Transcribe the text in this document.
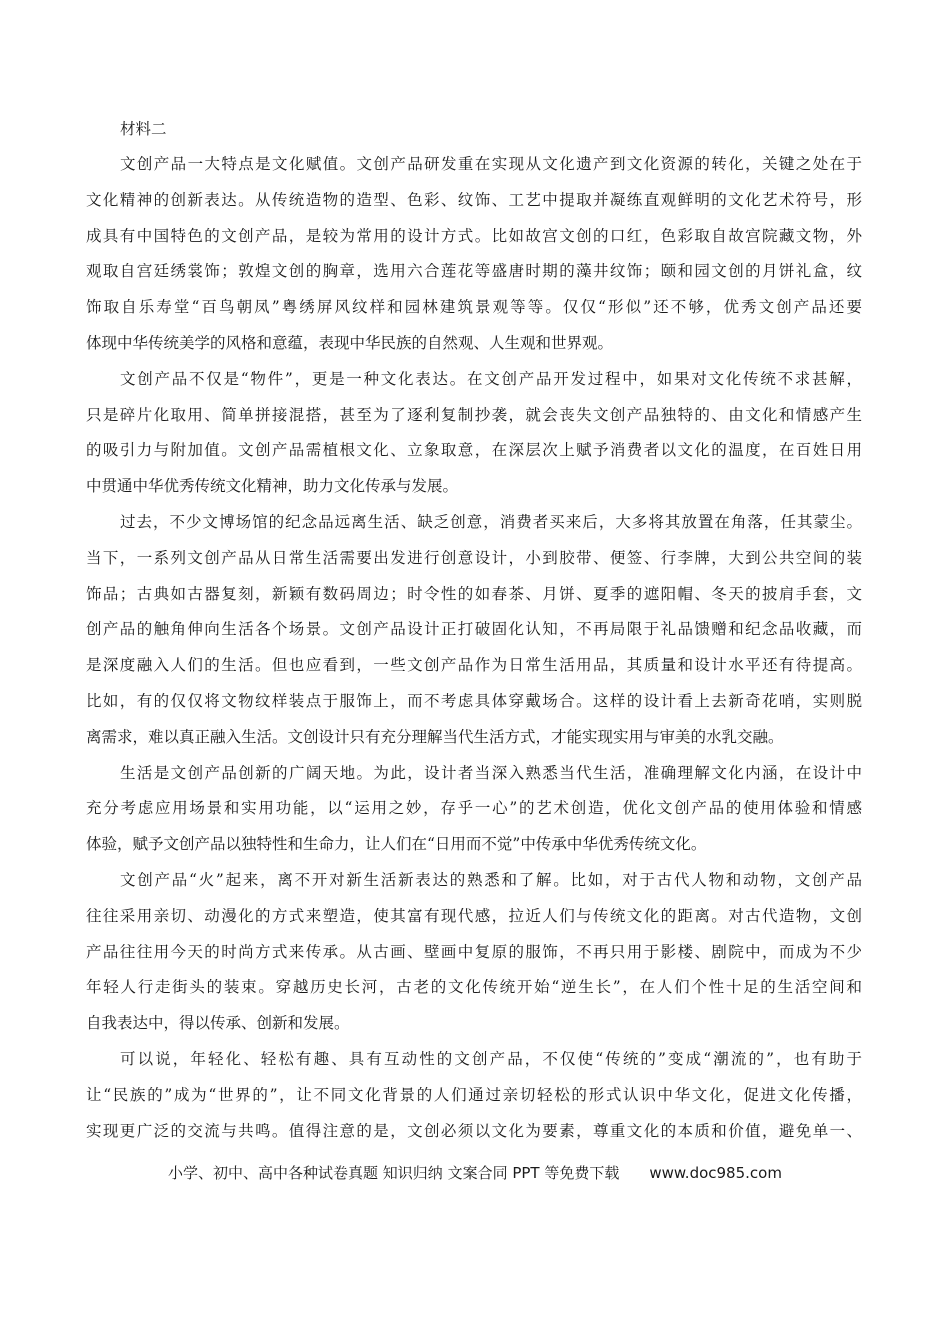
材料二

文创产品一大特点是文化赋值。文创产品研发重在实现从文化遗产到文化资源的转化，关键之处在于
文化精神的创新表达。从传统造物的造型、色彩、纹饰、工艺中提取并凝练直观鲜明的文化艺术符号，形
成具有中国特色的文创产品，是较为常用的设计方式。比如故宫文创的口红，色彩取自故宫院藏文物，外
观取自宫廷绣裳饰；敦煌文创的胸章，选用六合莲花等盛唐时期的藻井纹饰；颐和园文创的月饼礼盒，纹
饰取自乐寿堂“百鸟朝凤”粤绣屏风纹样和园林建筑景观等等。仅仅“形似”还不够，优秀文创产品还要
体现中华传统美学的风格和意蕴，表现中华民族的自然观、人生观和世界观。
文创产品不仅是“物件”，更是一种文化表达。在文创产品开发过程中，如果对文化传统不求甚解，
只是碎片化取用、简单拼接混搭，甚至为了逐利复制抄袭，就会丧失文创产品独特的、由文化和情感产生
的吸引力与附加值。文创产品需植根文化、立象取意，在深层次上赋予消费者以文化的温度，在百姓日用
中贯通中华优秀传统文化精神，助力文化传承与发展。
过去，不少文博场馆的纪念品远离生活、缺乏创意，消费者买来后，大多将其放置在角落，任其蒙尘。
当下，一系列文创产品从日常生活需要出发进行创意设计，小到胶带、便签、行李牌，大到公共空间的装
饰品；古典如古器复刻，新颖有数码周边；时令性的如春茶、月饼、夏季的遮阳帽、冬天的披肩手套，文
创产品的触角伸向生活各个场景。文创产品设计正打破固化认知，不再局限于礼品馈赠和纪念品收藏，而
是深度融入人们的生活。但也应看到，一些文创产品作为日常生活用品，其质量和设计水平还有待提高。
比如，有的仅仅将文物纹样装点于服饰上，而不考虑具体穿戴场合。这样的设计看上去新奇花哨，实则脱
离需求，难以真正融入生活。文创设计只有充分理解当代生活方式，才能实现实用与审美的水乳交融。
生活是文创产品创新的广阔天地。为此，设计者当深入熟悉当代生活，准确理解文化内涵，在设计中
充分考虑应用场景和实用功能，以“运用之妙，存乎一心”的艺术创造，优化文创产品的使用体验和情感
体验，赋予文创产品以独特性和生命力，让人们在“日用而不觉”中传承中华优秀传统文化。
文创产品“火”起来，离不开对新生活新表达的熟悉和了解。比如，对于古代人物和动物，文创产品
往往采用亲切、动漫化的方式来塑造，使其富有现代感，拉近人们与传统文化的距离。对古代造物，文创
产品往往用今天的时尚方式来传承。从古画、壁画中复原的服饰，不再只用于影楼、剧院中，而成为不少
年轻人行走街头的装束。穿越历史长河，古老的文化传统开始“逆生长”，在人们个性十足的生活空间和
自我表达中，得以传承、创新和发展。
可以说，年轻化、轻松有趣、具有互动性的文创产品，不仅使“传统的”变成“潮流的”，也有助于
让“民族的”成为“世界的”，让不同文化背景的人们通过亲切轻松的形式认识中华文化，促进文化传播，
实现更广泛的交流与共鸣。值得注意的是，文创必须以文化为要素，尊重文化的本质和价值，避免单一、
小学、初中、高中各种试卷真题 知识归纳 文案合同 PPT 等免费下载 www.doc985.com
